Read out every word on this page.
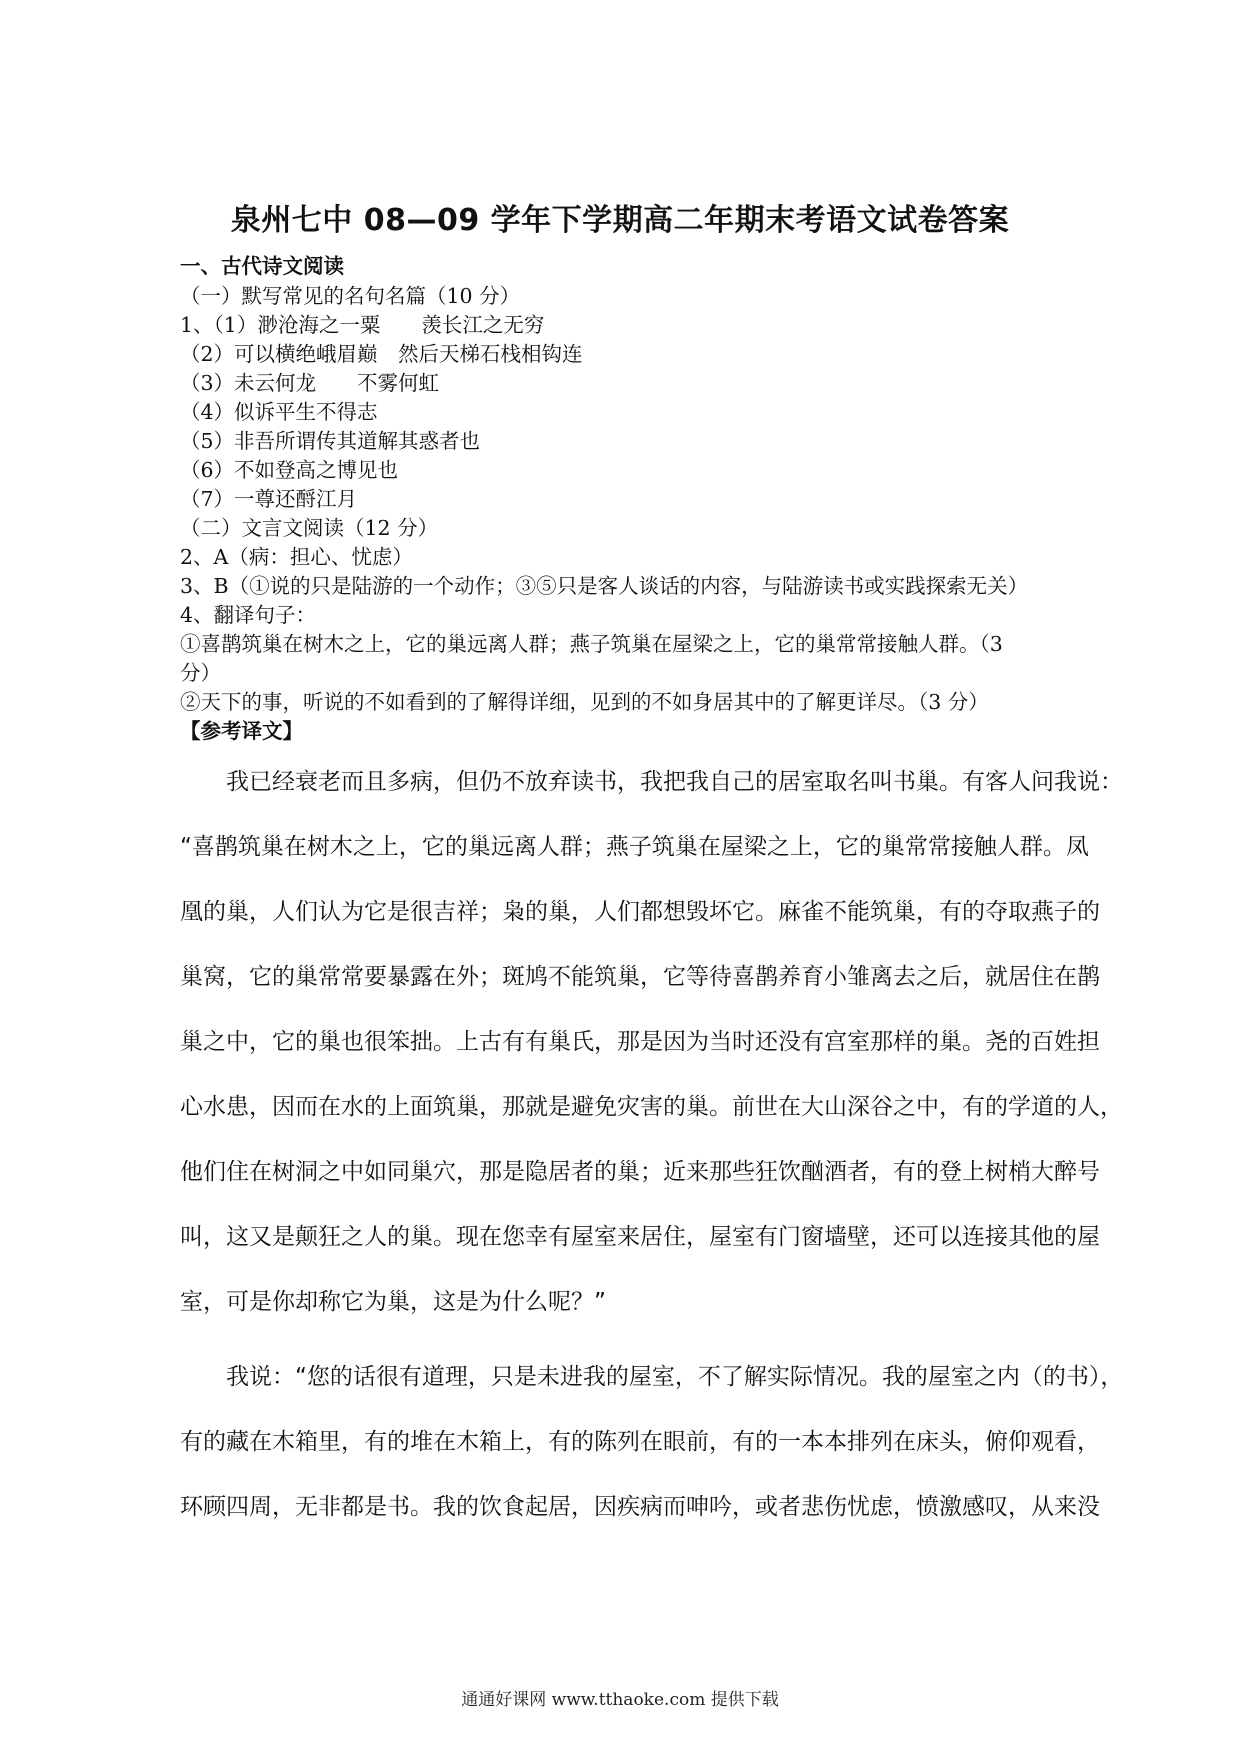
泉州七中 08—09 学年下学期高二年期末考语文试卷答案
一、古代诗文阅读
（一）默写常见的名句名篇（10 分）
1、（1）渺沧海之一粟　　羡长江之无穷
（2）可以横绝峨眉巅　然后天梯石栈相钩连
（3）未云何龙　　不雾何虹
（4）似诉平生不得志
（5）非吾所谓传其道解其惑者也
（6）不如登高之博见也
（7）一尊还酹江月
（二）文言文阅读（12 分）
2、A（病：担心、忧虑）
3、B（①说的只是陆游的一个动作；③⑤只是客人谈话的内容，与陆游读书或实践探索无关）
4、翻译句子：
①喜鹊筑巢在树木之上，它的巢远离人群；燕子筑巢在屋梁之上，它的巢常常接触人群。（3
分）
②天下的事，听说的不如看到的了解得详细，见到的不如身居其中的了解更详尽。（3 分）
【参考译文】

　　我已经衰老而且多病，但仍不放弃读书，我把我自己的居室取名叫书巢。有客人问我说：

“喜鹊筑巢在树木之上，它的巢远离人群；燕子筑巢在屋梁之上，它的巢常常接触人群。凤

凰的巢，人们认为它是很吉祥；枭的巢，人们都想毁坏它。麻雀不能筑巢，有的夺取燕子的

巢窝，它的巢常常要暴露在外；斑鸠不能筑巢，它等待喜鹊养育小雏离去之后，就居住在鹊

巢之中，它的巢也很笨拙。上古有有巢氏，那是因为当时还没有宫室那样的巢。尧的百姓担

心水患，因而在水的上面筑巢，那就是避免灾害的巢。前世在大山深谷之中，有的学道的人，

他们住在树洞之中如同巢穴，那是隐居者的巢；近来那些狂饮酗酒者，有的登上树梢大醉号

叫，这又是颠狂之人的巢。现在您幸有屋室来居住，屋室有门窗墙壁，还可以连接其他的屋

室，可是你却称它为巢，这是为什么呢？”

　　我说：“您的话很有道理，只是未进我的屋室，不了解实际情况。我的屋室之内（的书），

有的藏在木箱里，有的堆在木箱上，有的陈列在眼前，有的一本本排列在床头，俯仰观看，

环顾四周，无非都是书。我的饮食起居，因疾病而呻吟，或者悲伤忧虑，愤激感叹，从来没

通通好课网 www.tthaoke.com 提供下载
